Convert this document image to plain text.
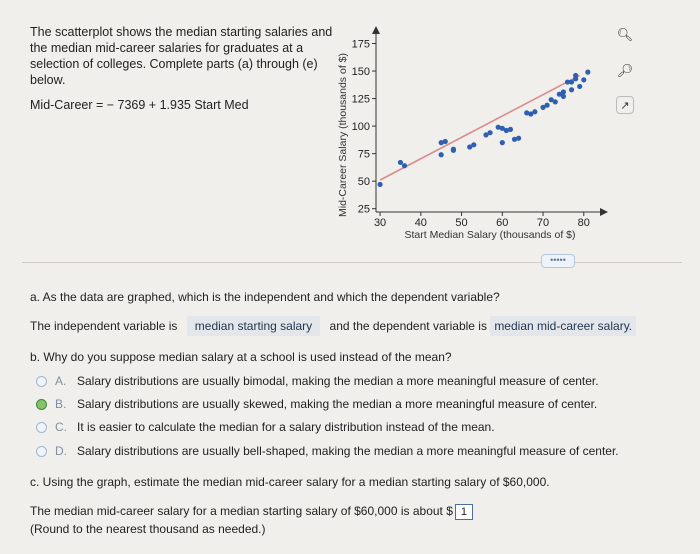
The scatterplot shows the median starting salaries and the median mid-career salaries for graduates at a selection of colleges. Complete parts (a) through (e) below.
Mid-Career = − 7369 + 1.935 Start Med
30	40	50	60	70	80
25
50
75
100
125
150
175
Start Median Salary (thousands of $)
Mid-Career Salary (thousands of $)
🔍︎
🔎︎
↗
•••••
a. As the data are graphed, which is the independent and which the dependent variable?
The independent variable is median starting salary and the dependent variable is median mid-career salary.
b. Why do you suppose median salary at a school is used instead of the mean?
A. Salary distributions are usually bimodal, making the median a more meaningful measure of center.
B. Salary distributions are usually skewed, making the median a more meaningful measure of center.
C. It is easier to calculate the median for a salary distribution instead of the mean.
D. Salary distributions are usually bell-shaped, making the median a more meaningful measure of center.
c. Using the graph, estimate the median mid-career salary for a median starting salary of $60,000.
The median mid-career salary for a median starting salary of $60,000 is about $ 1
(Round to the nearest thousand as needed.)
